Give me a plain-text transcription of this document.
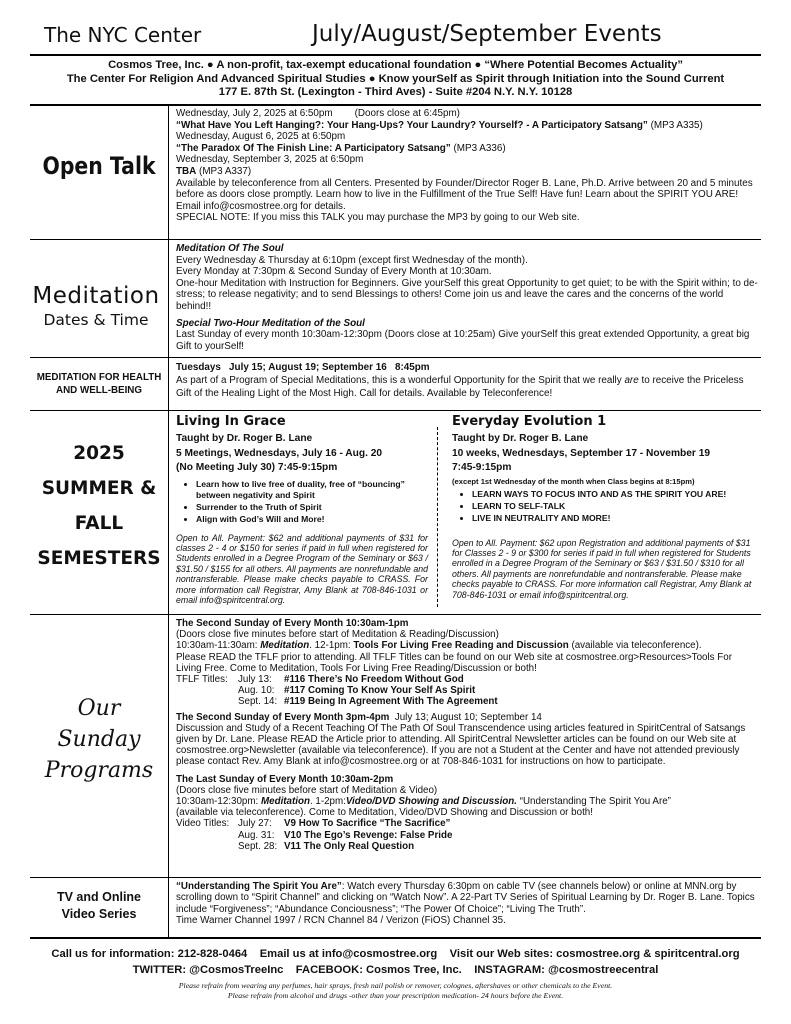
The NYC Center	July/August/September Events
Cosmos Tree, Inc. ● A non-profit, tax-exempt educational foundation ● “Where Potential Becomes Actuality”
The Center For Religion And Advanced Spiritual Studies ● Know yourSelf as Spirit through Initiation into the Sound Current
177 E. 87th St. (Lexington - Third Aves) - Suite #204 N.Y. N.Y. 10128
Open Talk
Wednesday, July 2, 2025 at 6:50pm        (Doors close at 6:45pm)
“What Have You Left Hanging?: Your Hang-Ups? Your Laundry? Yourself? - A Participatory Satsang” (MP3 A335)
Wednesday, August 6, 2025 at 6:50pm
“The Paradox Of The Finish Line: A Participatory Satsang” (MP3 A336)
Wednesday, September 3, 2025 at 6:50pm
TBA (MP3 A337)
Available by teleconference from all Centers. Presented by Founder/Director Roger B. Lane, Ph.D. Arrive between 20 and 5 minutes before as doors close promptly. Learn how to live in the Fulfillment of the True Self! Have fun! Learn about the SPIRIT YOU ARE! Email info@cosmostree.org for details.
SPECIAL NOTE: If you miss this TALK you may purchase the MP3 by going to our Web site.
Meditation
Dates & Time
Meditation Of The Soul
Every Wednesday & Thursday at 6:10pm (except first Wednesday of the month).
Every Monday at 7:30pm & Second Sunday of Every Month at 10:30am.
One-hour Meditation with Instruction for Beginners. Give yourSelf this great Opportunity to get quiet; to be with the Spirit within; to de-stress; to release negativity; and to send Blessings to others! Come join us and leave the cares and the concerns of the world behind!!
Special Two-Hour Meditation of the Soul
Last Sunday of every month 10:30am-12:30pm (Doors close at 10:25am) Give yourSelf this great extended Opportunity, a great big Gift to yourSelf!
MEDITATION FOR HEALTH
AND WELL-BEING
Tuesdays   July 15; August 19; September 16   8:45pm
As part of a Program of Special Meditations, this is a wonderful Opportunity for the Spirit that we really are to receive the Priceless Gift of the Healing Light of the Most High. Call for details. Available by Teleconference!
2025
SUMMER &
FALL
SEMESTERS
Living In Grace
Taught by Dr. Roger B. Lane
5 Meetings, Wednesdays, July 16 - Aug. 20
(No Meeting July 30) 7:45-9:15pm
• Learn how to live free of duality, free of “bouncing” between negativity and Spirit
• Surrender to the Truth of Spirit
• Align with God’s Will and More!
Open to All. Payment: $62 and additional payments of $31 for classes 2 - 4 or $150 for series if paid in full when registered for Students enrolled in a Degree Program of the Seminary or $63 / $31.50 / $155 for all others. All payments are nonrefundable and nontransferable. Please make checks payable to CRASS. For more information call Registrar, Amy Blank at 708-846-1031 or email info@spiritcentral.org.
Everyday Evolution 1
Taught by Dr. Roger B. Lane
10 weeks, Wednesdays, September 17 - November 19
7:45-9:15pm
(except 1st Wednesday of the month when Class begins at 8:15pm)
• LEARN WAYS TO FOCUS INTO AND AS THE SPIRIT YOU ARE!
• LEARN TO SELF-TALK
• LIVE IN NEUTRALITY AND MORE!
Open to All. Payment: $62 upon Registration and additional payments of $31 for Classes 2 - 9 or $300 for series if paid in full when registered for Students enrolled in a Degree Program of the Seminary or $63 / $31.50 / $310 for all others. All payments are nonrefundable and nontransferable. Please make checks payable to CRASS. For more information call Registrar, Amy Blank at 708-846-1031 or email info@spiritcentral.org.
Our
Sunday
Programs
The Second Sunday of Every Month 10:30am-1pm
(Doors close five minutes before start of Meditation & Reading/Discussion)
10:30am-11:30am: Meditation. 12-1pm: Tools For Living Free Reading and Discussion (available via teleconference).
Please READ the TFLF prior to attending. All TFLF Titles can be found on our Web site at cosmostree.org>Resources>Tools For Living Free. Come to Meditation, Tools For Living Free Reading/Discussion or both!
TFLF Titles:	July 13: #116 There’s No Freedom Without God
Aug. 10: #117 Coming To Know Your Self As Spirit
Sept. 14: #119 Being In Agreement With The Agreement
The Second Sunday of Every Month 3pm-4pm  July 13; August 10; September 14
Discussion and Study of a Recent Teaching Of The Path Of Soul Transcendence using articles featured in SpiritCentral of Satsangs given by Dr. Lane. Please READ the Article prior to attending. All SpiritCentral Newsletter articles can be found on our Web site at cosmostree.org>Newsletter (available via teleconference). If you are not a Student at the Center and have not attended previously please contact Rev. Amy Blank at info@cosmostree.org or at 708-846-1031 for instructions on how to participate.
The Last Sunday of Every Month 10:30am-2pm
(Doors close five minutes before start of Meditation & Video)
10:30am-12:30pm: Meditation. 1-2pm:Video/DVD Showing and Discussion. “Understanding The Spirit You Are”
(available via teleconference). Come to Meditation, Video/DVD Showing and Discussion or both!
Video Titles: July 27: V9 How To Sacrifice “The Sacrifice”
Aug. 31: V10 The Ego’s Revenge: False Pride
Sept. 28: V11 The Only Real Question
TV and Online
Video Series
“Understanding The Spirit You Are”: Watch every Thursday 6:30pm on cable TV (see channels below) or online at MNN.org by scrolling down to “Spirit Channel” and clicking on “Watch Now”. A 22-Part TV Series of Spiritual Learning by Dr. Roger B. Lane. Topics include “Forgiveness”; “Abundance Conciousness”; “The Power Of Choice”; “Living The Truth”.
Time Warner Channel 1997 / RCN Channel 84 / Verizon (FiOS) Channel 35.
Call us for information: 212-828-0464    Email us at info@cosmostree.org    Visit our Web sites: cosmostree.org & spiritcentral.org
TWITTER: @CosmosTreeInc    FACEBOOK: Cosmos Tree, Inc.    INSTAGRAM: @cosmostreecentral
Please refrain from wearing any perfumes, hair sprays, fresh nail polish or remover, colognes, aftershaves or other chemicals to the Event.
Please refrain from alcohol and drugs -other than your prescription medication- 24 hours before the Event.
